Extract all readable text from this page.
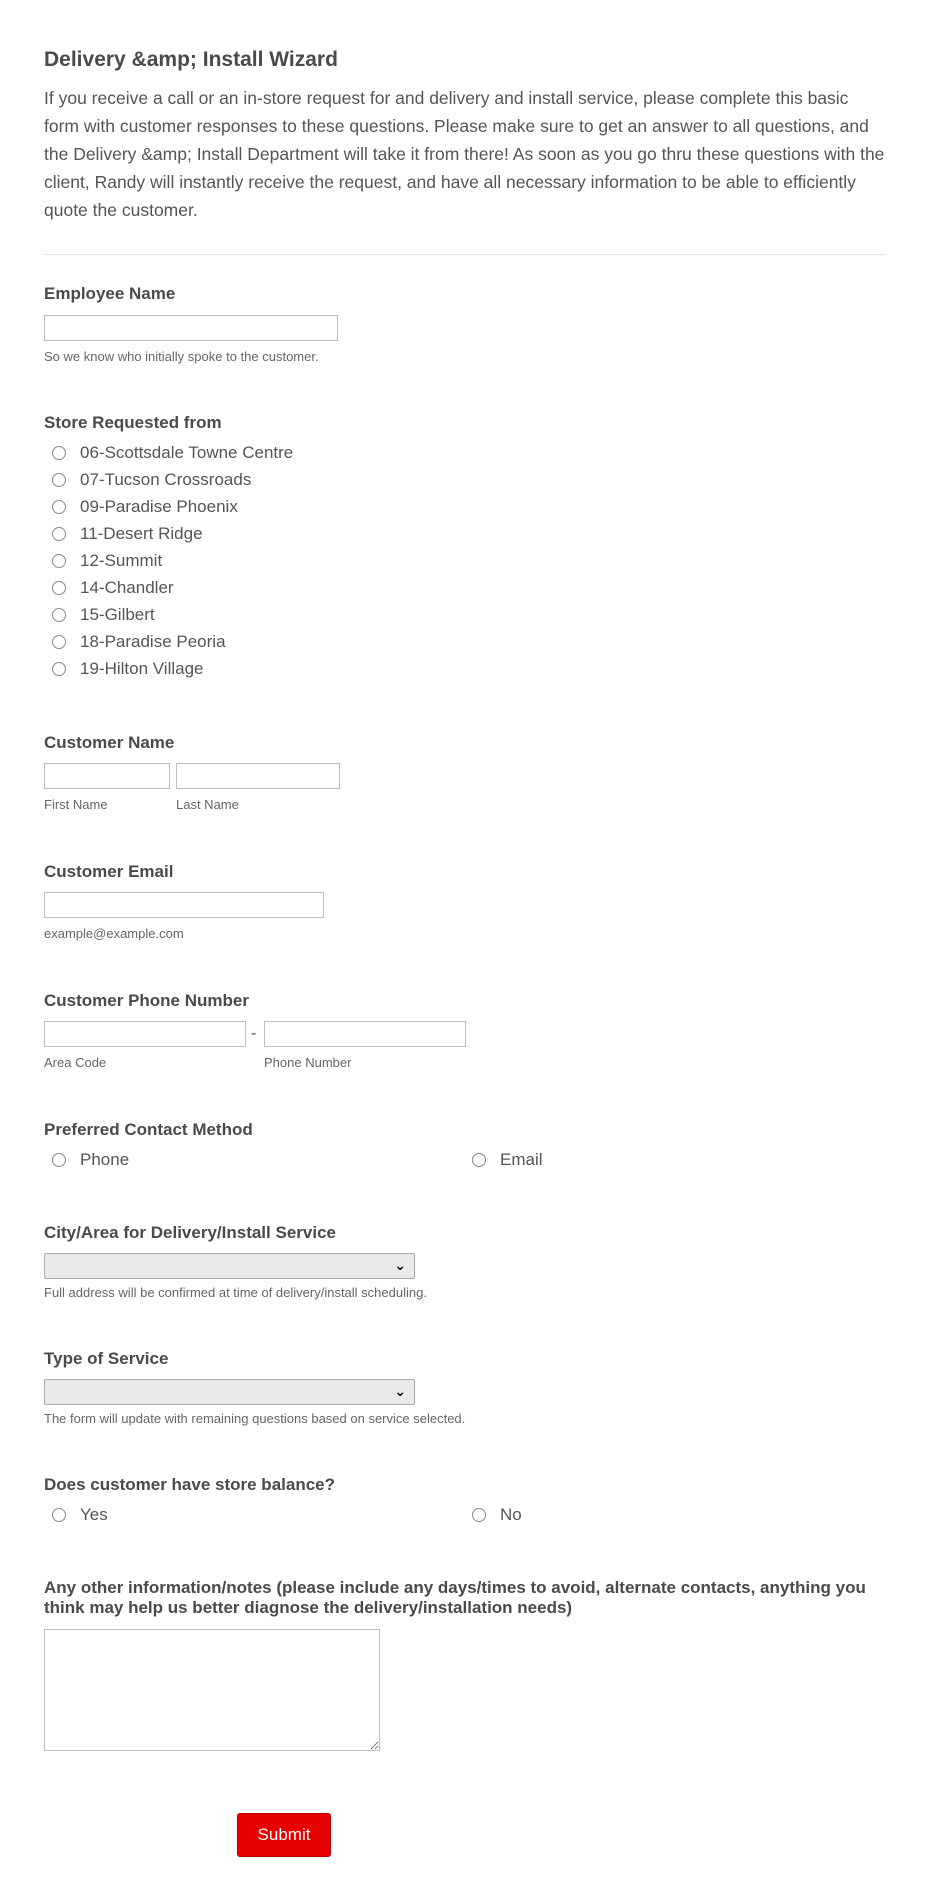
Delivery &amp; Install Wizard

If you receive a call or an in-store request for and delivery and install service, please complete this basic form with customer responses to these questions. Please make sure to get an answer to all questions, and the Delivery &amp; Install Department will take it from there! As soon as you go thru these questions with the client, Randy will instantly receive the request, and have all necessary information to be able to efficiently quote the customer.

Employee Name
So we know who initially spoke to the customer.
Store Requested from
06-Scottsdale Towne Centre
07-Tucson Crossroads
09-Paradise Phoenix
11-Desert Ridge
12-Summit
14-Chandler
15-Gilbert
18-Paradise Peoria
19-Hilton Village
Customer Name
First Name	Last Name
Customer Email
example@example.com
Customer Phone Number
-
Area Code	Phone Number
Preferred Contact Method
Phone	Email
City/Area for Delivery/Install Service
⌄
Full address will be confirmed at time of delivery/install scheduling.
Type of Service
⌄
The form will update with remaining questions based on service selected.
Does customer have store balance?
Yes	No
Any other information/notes (please include any days/times to avoid, alternate contacts, anything you think may help us better diagnose the delivery/installation needs)
Submit
